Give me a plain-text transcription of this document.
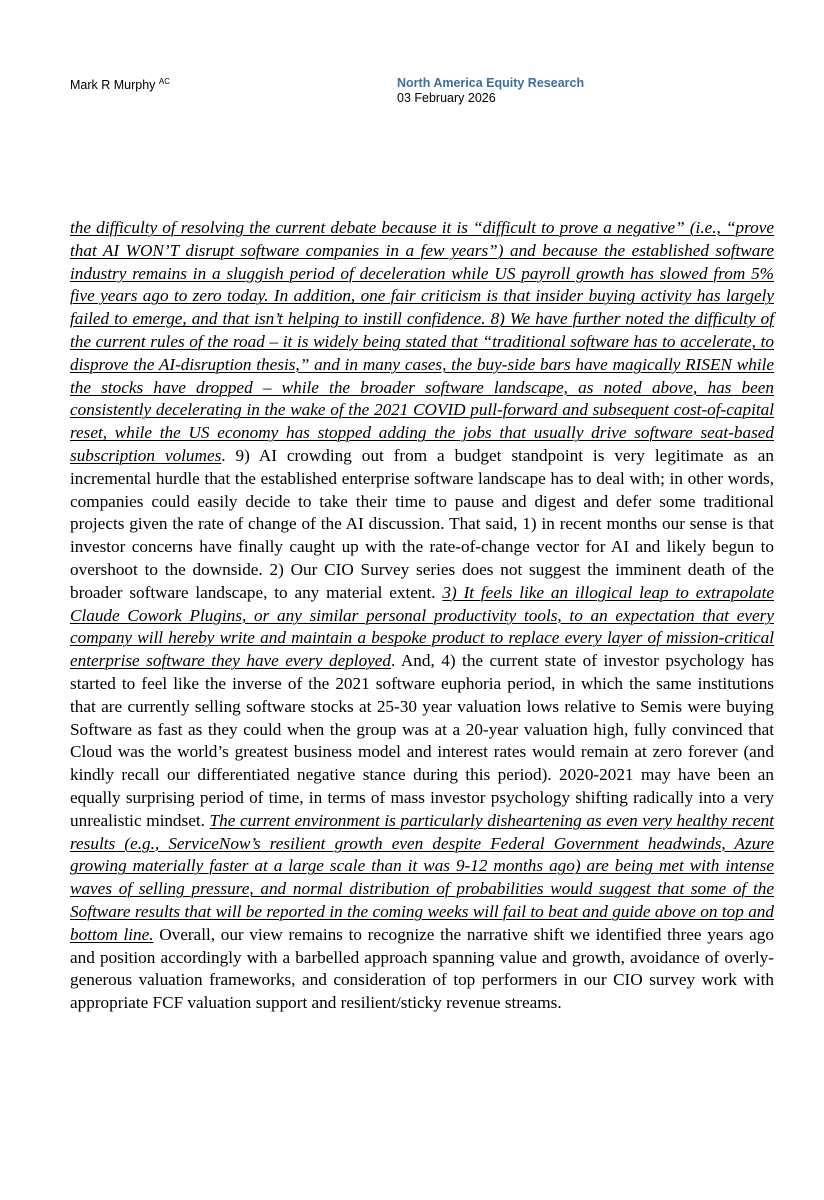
Mark R Murphy $^{AC}$	North America Equity Research
03 February 2026
the difficulty of resolving the current debate because it is “difficult to prove a negative” (i.e., “prove that AI WON’T disrupt software companies in a few years”) and because the established software industry remains in a sluggish period of deceleration while US payroll growth has slowed from 5% five years ago to zero today. In addition, one fair criticism is that insider buying activity has largely failed to emerge, and that isn’t helping to instill confidence. 8) We have further noted the difficulty of the current rules of the road – it is widely being stated that “traditional software has to accelerate, to disprove the AI-disruption thesis,” and in many cases, the buy-side bars have magically RISEN while the stocks have dropped – while the broader software landscape, as noted above, has been consistently decelerating in the wake of the 2021 COVID pull-forward and subsequent cost-of-capital reset, while the US economy has stopped adding the jobs that usually drive software seat-based subscription volumes. 9) AI crowding out from a budget standpoint is very legitimate as an incremental hurdle that the established enterprise software landscape has to deal with; in other words, companies could easily decide to take their time to pause and digest and defer some traditional projects given the rate of change of the AI discussion. That said, 1) in recent months our sense is that investor concerns have finally caught up with the rate-of-change vector for AI and likely begun to overshoot to the downside. 2) Our CIO Survey series does not suggest the imminent death of the broader software landscape, to any material extent. 3) It feels like an illogical leap to extrapolate Claude Cowork Plugins, or any similar personal productivity tools, to an expectation that every company will hereby write and maintain a bespoke product to replace every layer of mission-critical enterprise software they have every deployed. And, 4) the current state of investor psychology has started to feel like the inverse of the 2021 software euphoria period, in which the same institutions that are currently selling software stocks at 25-30 year valuation lows relative to Semis were buying Software as fast as they could when the group was at a 20-year valuation high, fully convinced that Cloud was the world’s greatest business model and interest rates would remain at zero forever (and kindly recall our differentiated negative stance during this period). 2020-2021 may have been an equally surprising period of time, in terms of mass investor psychology shifting radically into a very unrealistic mindset. The current environment is particularly disheartening as even very healthy recent results (e.g., ServiceNow’s resilient growth even despite Federal Government headwinds, Azure growing materially faster at a large scale than it was 9-12 months ago) are being met with intense waves of selling pressure, and normal distribution of probabilities would suggest that some of the Software results that will be reported in the coming weeks will fail to beat and guide above on top and bottom line. Overall, our view remains to recognize the narrative shift we identified three years ago and position accordingly with a barbelled approach spanning value and growth, avoidance of overly-generous valuation frameworks, and consideration of top performers in our CIO survey work with appropriate FCF valuation support and resilient/sticky revenue streams.
